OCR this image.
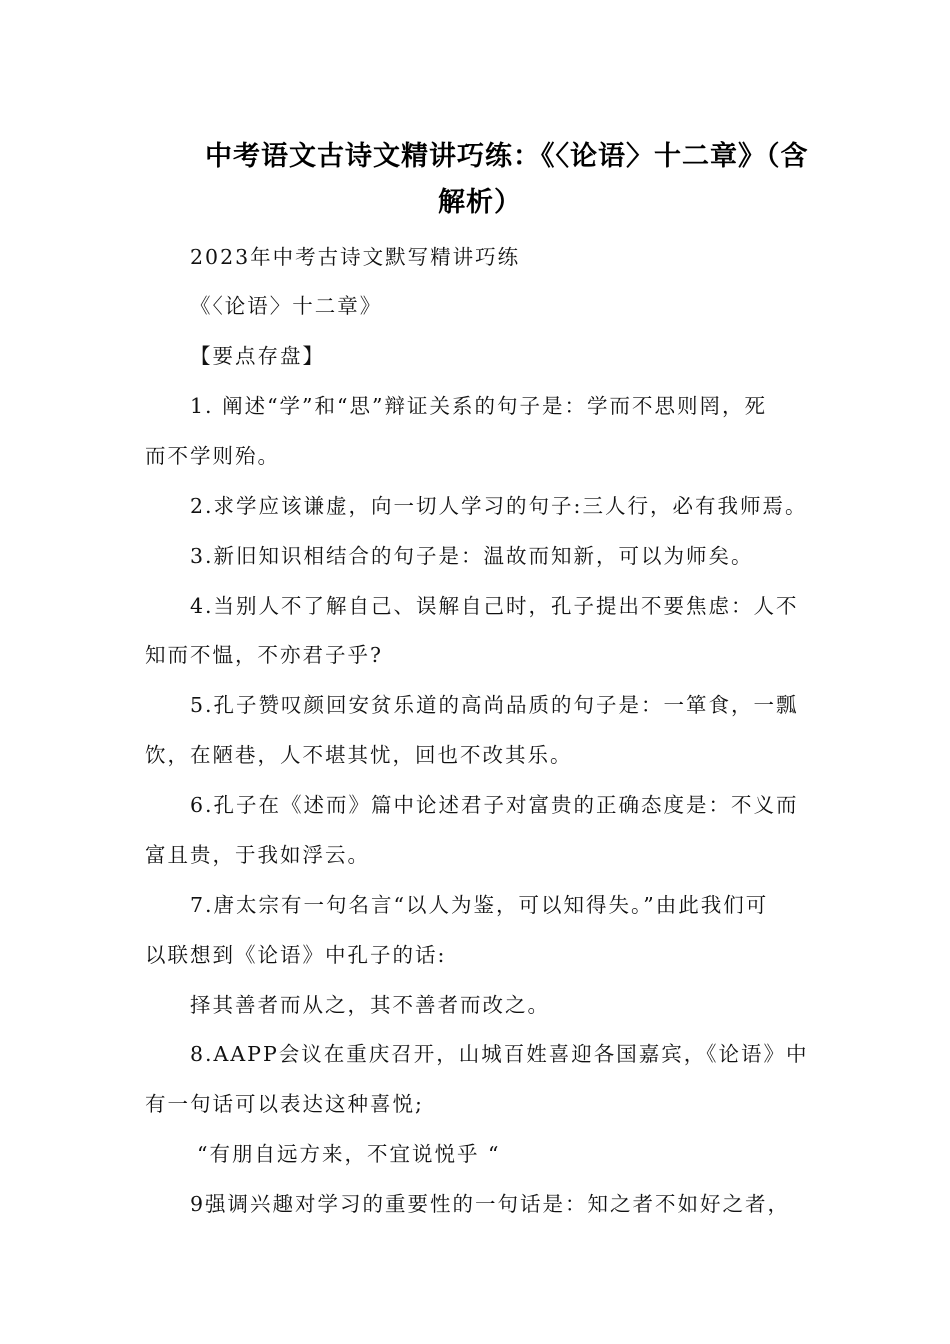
中考语文古诗文精讲巧练：《〈论语〉十二章》（含
解析）
2023年中考古诗文默写精讲巧练
《〈论语〉十二章》
【要点存盘】
1. 阐述“学”和“思”辩证关系的句子是：学而不思则罔，死
而不学则殆。
2.求学应该谦虚，向一切人学习的句子:三人行，必有我师焉。
3.新旧知识相结合的句子是：温故而知新，可以为师矣。
4.当别人不了解自己、误解自己时，孔子提出不要焦虑：人不
知而不愠，不亦君子乎?
5.孔子赞叹颜回安贫乐道的高尚品质的句子是：一箪食，一瓢
饮，在陋巷，人不堪其忧，回也不改其乐。
6.孔子在《述而》篇中论述君子对富贵的正确态度是：不义而
富且贵，于我如浮云。
7.唐太宗有一句名言“以人为鉴，可以知得失。”由此我们可
以联想到《论语》中孔子的话:
择其善者而从之，其不善者而改之。
8.AAPP会议在重庆召开，山城百姓喜迎各国嘉宾，《论语》中
有一句话可以表达这种喜悦;
“有朋自远方来，不宜说悦乎 “
9强调兴趣对学习的重要性的一句话是：知之者不如好之者，
